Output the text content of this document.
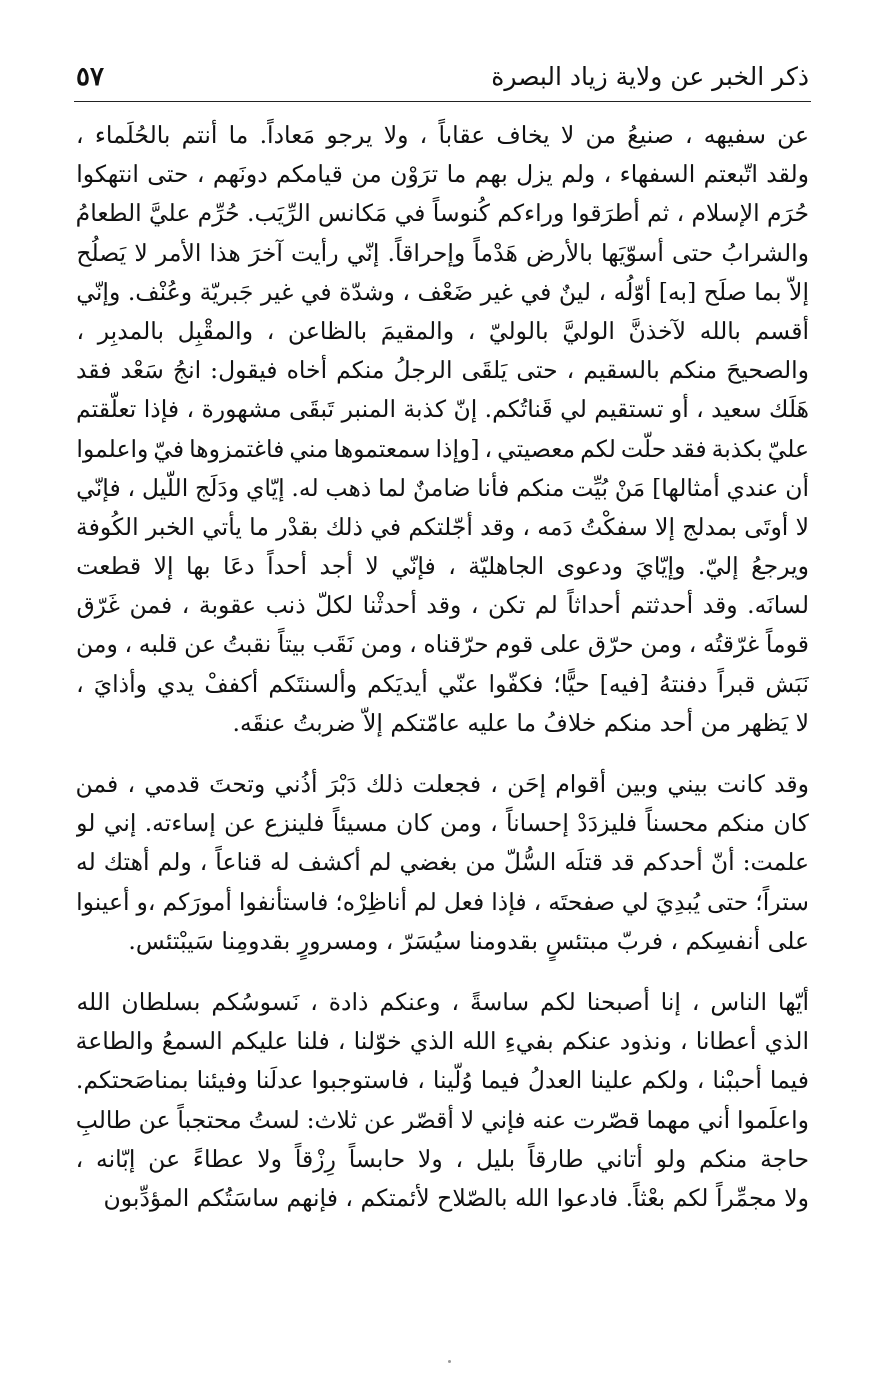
ذكر الخبر عن ولاية زياد البصرة
٥٧
عن سفيهه ، صنيعُ من لا يخاف عقاباً ، ولا يرجو مَعاداً. ما أنتم بالحُلَماء ،
ولقد اتّبعتم السفهاء ، ولم يزل بهم ما ترَوْن من قيامكم دونَهم ، حتى انتهكوا
حُرَم الإسلام ، ثم أطرَقوا وراءكم كُنوساً في مَكانس الرِّيَب. حُرِّم عليَّ الطعامُ
والشرابُ حتى أسوّيَها بالأرض هَدْماً وإحراقاً. إنّي رأيت آخرَ هذا الأمر لا يَصلُح
إلاّ بما صلَح [به] أوّلُه ، لينٌ في غير ضَعْف ، وشدّة في غير جَبريّة وعُنْف. وإنّي
أقسم بالله لآخذنَّ الوليَّ بالوليّ ، والمقيمَ بالظاعن ، والمقْبِل بالمدبِر ،
والصحيحَ منكم بالسقيم ، حتى يَلقَى الرجلُ منكم أخاه فيقول: انجُ سَعْد فقد
هَلَك سعيد ، أو تستقيم لي قَناتُكم. إنّ كذبة المنبر تَبقَى مشهورة ، فإذا تعلّقتم
عليّ بكذبة فقد حلّت لكم معصيتي ، [وإذا سمعتموها مني فاغتمزوها فيّ واعلموا
أن عندي أمثالها] مَنْ بُيِّت منكم فأنا ضامنٌ لما ذهب له. إيّاي ودَلَج اللّيل ، فإنّي
لا أوتَى بمدلج إلا سفكْتُ دَمه ، وقد أجّلتكم في ذلك بقدْر ما يأتي الخبر الكُوفة
ويرجعُ إليّ. وإيّايَ ودعوى الجاهليّة ، فإنّي لا أجد أحداً دعَا بها إلا قطعت
لسانَه. وقد أحدثتم أحداثاً لم تكن ، وقد أحدثْنا لكلّ ذنب عقوبة ، فمن غَرّق
قوماً غرّقتُه ، ومن حرّق على قوم حرّقناه ، ومن نَقَب بيتاً نقبتُ عن قلبه ، ومن
نَبَش قبراً دفنتهُ [فيه] حيًّا؛ فكفّوا عنّي أيديَكم وألسنتَكم أكففْ يدي وأذايَ ،
لا يَظهر من أحد منكم خلافُ ما عليه عامّتكم إلاّ ضربتُ عنقَه.
وقد كانت بيني وبين أقوام إحَن ، فجعلت ذلك دَبْرَ أذُني وتحتَ قدمي ، فمن
كان منكم محسناً فليزدَدْ إحساناً ، ومن كان مسيئاً فلينزع عن إساءته. إني لو
علمت: أنّ أحدكم قد قتلَه السُّلّ من بغضي لم أكشف له قناعاً ، ولم أهتك له
ستراً؛ حتى يُبدِيَ لي صفحتَه ، فإذا فعل لم أناظِرْه؛ فاستأنفوا أمورَكم ،و أعينوا
على أنفسِكم ، فربّ مبتئسٍ بقدومنا سيُسَرّ ، ومسرورٍ بقدومِنا سَيبْتئس.
أيّها الناس ، إنا أصبحنا لكم ساسةً ، وعنكم ذادة ، نَسوسُكم بسلطان الله
الذي أعطانا ، ونذود عنكم بفيءِ الله الذي خوّلنا ، فلنا عليكم السمعُ والطاعة
فيما أحببْنا ، ولكم علينا العدلُ فيما وُلّينا ، فاستوجبوا عدلَنا وفيئنا بمناصَحتكم.
واعلَموا أني مهما قصّرت عنه فإني لا أقصّر عن ثلاث: لستُ محتجباً عن طالبِ
حاجة منكم ولو أتاني طارقاً بليل ، ولا حابساً رِزْقاً ولا عطاءً عن إبّانه ،
ولا مجمِّراً لكم بعْثاً. فادعوا الله بالصّلاح لأئمتكم ، فإنهم ساسَتُكم المؤدِّبون
